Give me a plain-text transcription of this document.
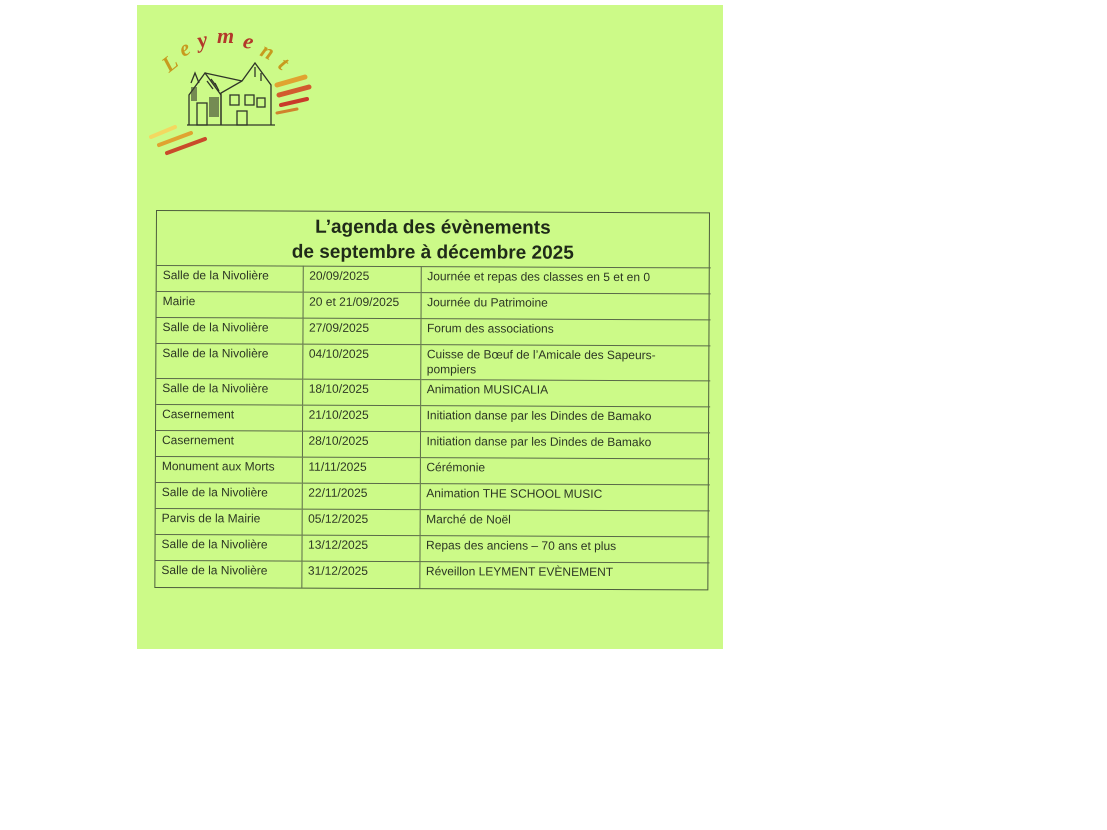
L
e y m e n
t
L’agenda des évènements
de septembre à décembre 2025
Salle de la Nivolière	20/09/2025	Journée et repas des classes en 5 et en 0
Mairie	20 et 21/09/2025	Journée du Patrimoine
Salle de la Nivolière	27/09/2025	Forum des associations
Salle de la Nivolière	04/10/2025	Cuisse de Bœuf de l’Amicale des Sapeurs-pompiers
Salle de la Nivolière	18/10/2025	Animation MUSICALIA
Casernement	21/10/2025	Initiation danse par les Dindes de Bamako
Casernement	28/10/2025	Initiation danse par les Dindes de Bamako
Monument aux Morts	11/11/2025	Cérémonie
Salle de la Nivolière	22/11/2025	Animation THE SCHOOL MUSIC
Parvis de la Mairie	05/12/2025	Marché de Noël
Salle de la Nivolière	13/12/2025	Repas des anciens – 70 ans et plus
Salle de la Nivolière	31/12/2025	Réveillon LEYMENT EVÈNEMENT
